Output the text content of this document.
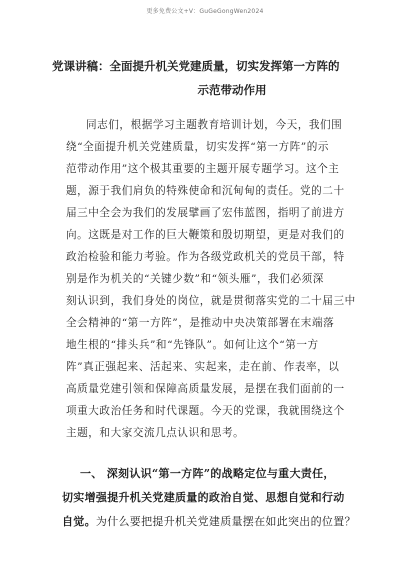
更多免费公文+V：GuGeGongWen2024
党课讲稿：全面提升机关党建质量，切实发挥第一方阵的
示范带动作用
同志们，根据学习主题教育培训计划，今天，我们围
绕“全面提升机关党建质量，切实发挥“第一方阵”的示
范带动作用”这个极其重要的主题开展专题学习。这个主
题，源于我们肩负的特殊使命和沉甸甸的责任。党的二十
届三中全会为我们的发展擘画了宏伟蓝图，指明了前进方
向。这既是对工作的巨大鞭策和殷切期望，更是对我们的
政治检验和能力考验。作为各级党政机关的党员干部，特
别是作为机关的“关键少数”和“领头雁”，我们必须深
刻认识到，我们身处的岗位，就是贯彻落实党的二十届三中
全会精神的“第一方阵”，是推动中央决策部署在末端落
地生根的“排头兵”和“先锋队”。如何让这个“第一方
阵”真正强起来、活起来、实起来，走在前、作表率，以
高质量党建引领和保障高质量发展，是摆在我们面前的一
项重大政治任务和时代课题。今天的党课，我就围绕这个
主题，和大家交流几点认识和思考。
一、 深刻认识“第一方阵”的战略定位与重大责任，
切实增强提升机关党建质量的政治自觉、思想自觉和行动
自觉。为什么要把提升机关党建质量摆在如此突出的位置？
